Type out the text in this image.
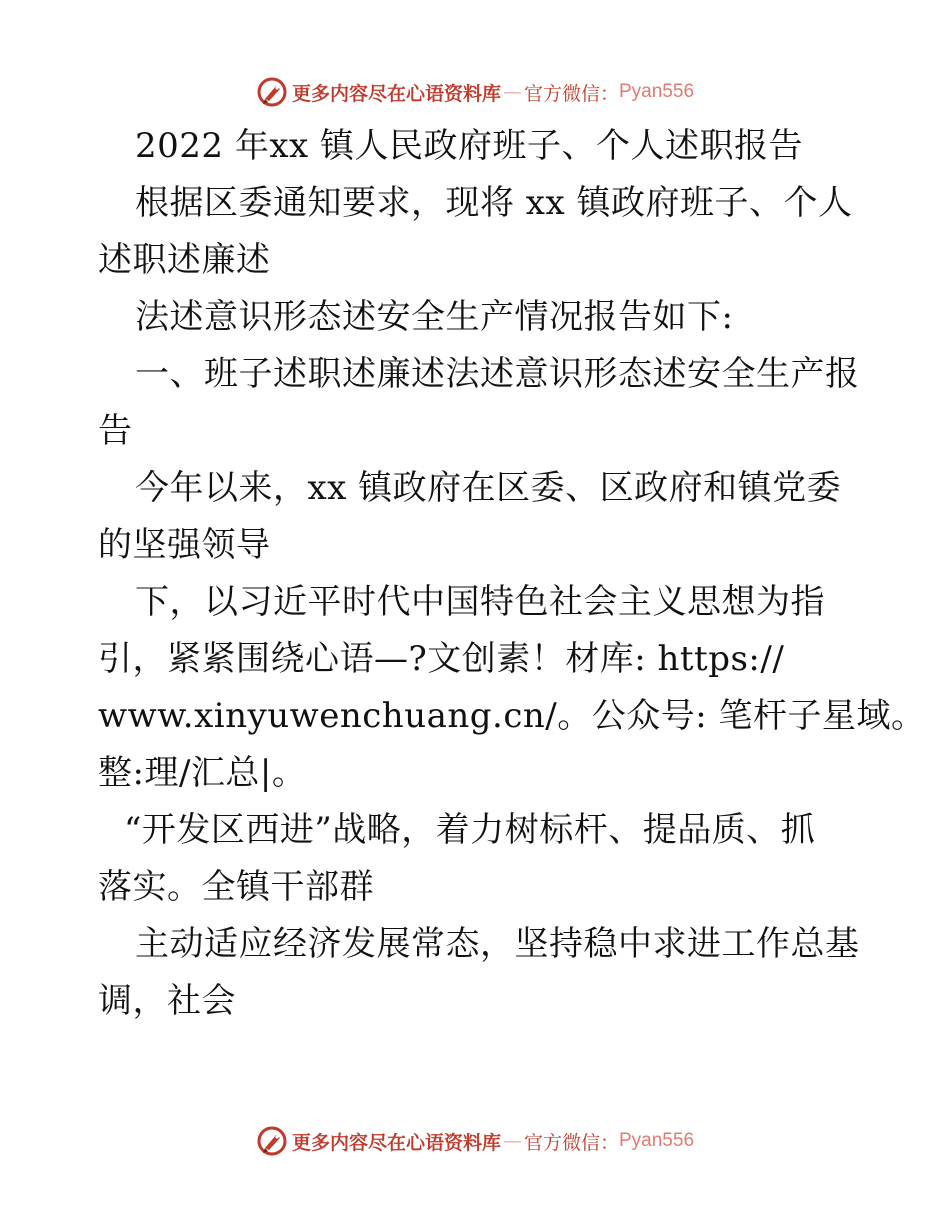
更多内容尽在心语资料库 — 官方微信： Pyan556
2022 年xx 镇人民政府班子、个人述职报告
根据区委通知要求，现将 xx 镇政府班子、个人
述职述廉述
法述意识形态述安全生产情况报告如下:
一、班子述职述廉述法述意识形态述安全生产报
告
今年以来，xx 镇政府在区委、区政府和镇党委
的坚强领导
下，以习近平时代中国特色社会主义思想为指
引，紧紧围绕心语—?文创素！材库: https://
www.xinyuwenchuang.cn/。公众号: 笔杆子星域。
整:理/汇总|。
“开发区西进”战略，着力树标杆、提品质、抓
落实。全镇干部群
主动适应经济发展常态，坚持稳中求进工作总基
调，社会
更多内容尽在心语资料库 — 官方微信： Pyan556
